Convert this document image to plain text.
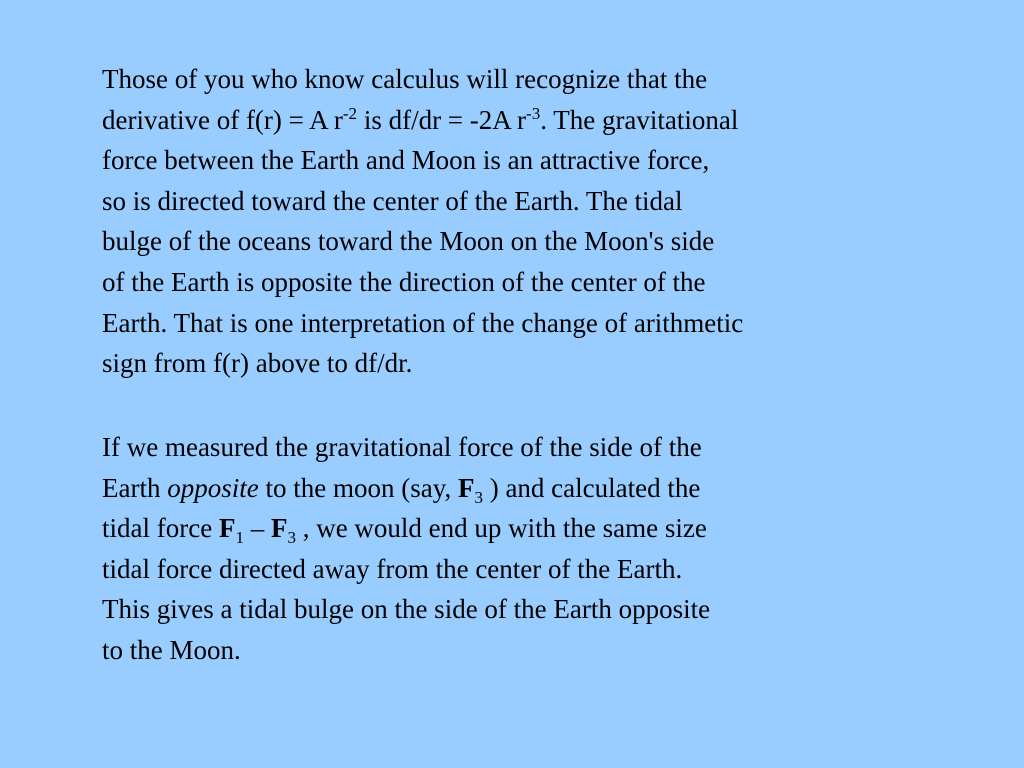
Those of you who know calculus will recognize that the
derivative of f(r) = A $r^{-2}$ is df/dr = -2A $r^{-3}$. The gravitational
force between the Earth and Moon is an attractive force,
so is directed toward the center of the Earth. The tidal
bulge of the oceans toward the Moon on the Moon's side
of the Earth is opposite the direction of the center of the
Earth. That is one interpretation of the change of arithmetic
sign from f(r) above to df/dr.
If we measured the gravitational force of the side of the
Earth opposite to the moon (say, $F_3$ ) and calculated the
tidal force $F_1 - F_3$ , we would end up with the same size
tidal force directed away from the center of the Earth.
This gives a tidal bulge on the side of the Earth opposite
to the Moon.
